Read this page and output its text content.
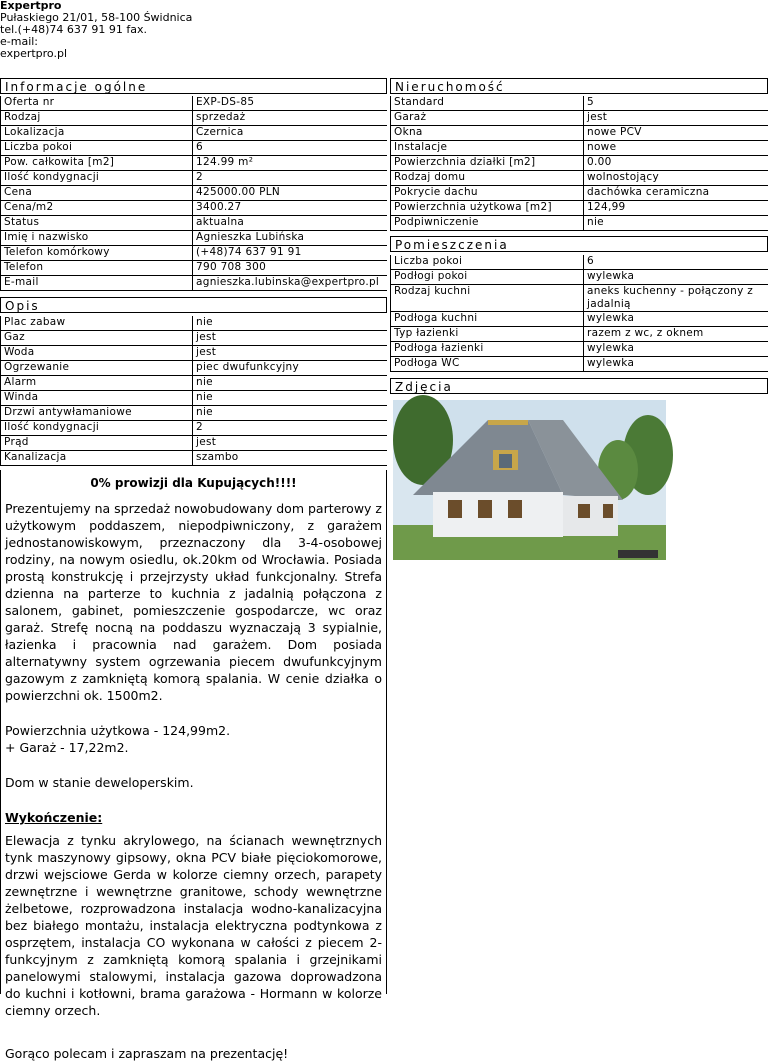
Expertpro
Pułaskiego 21/01, 58-100 Świdnica
tel.(+48)74 637 91 91 fax.
e-mail:
expertpro.pl
Informacje ogólne
Oferta nr	EXP-DS-85
Rodzaj	sprzedaż
Lokalizacja	Czernica
Liczba pokoi	6
Pow. całkowita [m2]	124.99 m²
Ilość kondygnacji	2
Cena	425000.00 PLN
Cena/m2	3400.27
Status	aktualna
Imię i nazwisko	Agnieszka Lubińska
Telefon komórkowy	(+48)74 637 91 91
Telefon	790 708 300
E-mail	agnieszka.lubinska@expertpro.pl
Opis
Plac zabaw	nie
Gaz	jest
Woda	jest
Ogrzewanie	piec dwufunkcyjny
Alarm	nie
Winda	nie
Drzwi antywłamaniowe	nie
Ilość kondygnacji	2
Prąd	jest
Kanalizacja	szambo
Nieruchomość
Standard	5
Garaż	jest
Okna	nowe PCV
Instalacje	nowe
Powierzchnia działki [m2]	0.00
Rodzaj domu	wolnostojący
Pokrycie dachu	dachówka ceramiczna
Powierzchnia użytkowa [m2]	124,99
Podpiwniczenie	nie
Pomieszczenia
Liczba pokoi	6
Podłogi pokoi	wylewka
Rodzaj kuchni	aneks kuchenny - połączony z jadalnią
Podłoga kuchni	wylewka
Typ łazienki	razem z wc, z oknem
Podłoga łazienki	wylewka
Podłoga WC	wylewka
Zdjęcia
0% prowizji dla Kupujących!!!!

Prezentujemy na sprzedaż nowobudowany dom parterowy z użytkowym poddaszem, niepodpiwniczony, z garażem jednostanowiskowym, przeznaczony dla 3-4-osobowej rodziny, na nowym osiedlu, ok.20km od Wrocławia. Posiada prostą konstrukcję i przejrzysty układ funkcjonalny. Strefa dzienna na parterze to kuchnia z jadalnią połączona z salonem, gabinet, pomieszczenie gospodarcze, wc oraz garaż. Strefę nocną na poddaszu wyznaczają 3 sypialnie, łazienka i pracownia nad garażem. Dom posiada alternatywny system ogrzewania piecem dwufunkcyjnym gazowym z zamkniętą komorą spalania. W cenie działka o powierzchni ok. 1500m2.

Powierzchnia użytkowa - 124,99m2.

+ Garaż - 17,22m2.

Dom w stanie deweloperskim.

Wykończenie:

Elewacja z tynku akrylowego, na ścianach wewnętrznych tynk maszynowy gipsowy, okna PCV białe pięciokomorowe, drzwi wejsciowe Gerda w kolorze ciemny orzech, parapety zewnętrzne i wewnętrzne granitowe, schody wewnętrzne żelbetowe, rozprowadzona instalacja wodno-kanalizacyjna bez białego montażu, instalacja elektryczna podtynkowa z osprzętem, instalacja CO wykonana w całości z piecem 2-funkcyjnym z zamkniętą komorą spalania i grzejnikami panelowymi stalowymi, instalacja gazowa doprowadzona do kuchni i kotłowni, brama garażowa - Hormann w kolorze ciemny orzech.

Gorąco polecam i zapraszam na prezentację!
